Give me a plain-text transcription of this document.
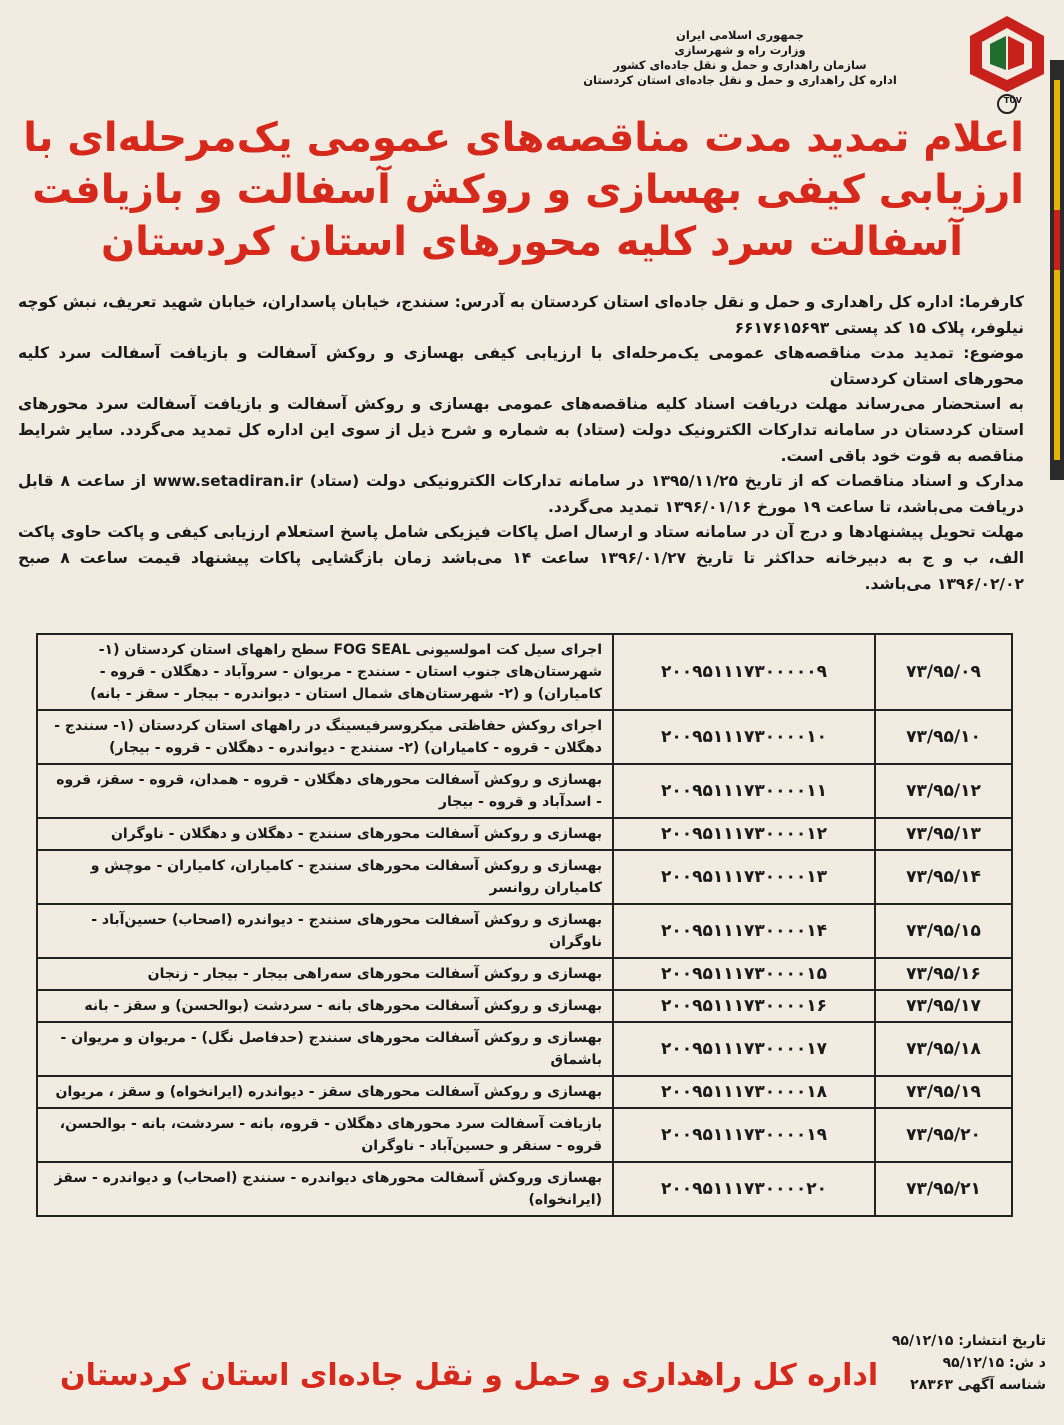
TÜV
جمهوری اسلامی ایران
وزارت راه و شهرسازی
سازمان راهداری و حمل و نقل جاده‌ای کشور
اداره کل راهداری و حمل و نقل جاده‌ای استان کردستان
اعلام تمدید مدت مناقصه‌های عمومی یک‌مرحله‌ای با
ارزیابی کیفی بهسازی و روکش آسفالت و بازیافت
آسفالت سرد کلیه محورهای استان کردستان

کارفرما: اداره کل راهداری و حمل و نقل جاده‌ای استان کردستان به آدرس: سنندج، خیابان پاسداران، خیابان شهید تعریف، نبش کوچه نیلوفر، پلاک ۱۵ کد پستی ۶۶۱۷۶۱۵۶۹۳

موضوع: تمدید مدت مناقصه‌های عمومی یک‌مرحله‌ای با ارزیابی کیفی بهسازی و روکش آسفالت و بازیافت آسفالت سرد کلیه محورهای استان کردستان

به استحضار می‌رساند مهلت دریافت اسناد کلیه مناقصه‌های عمومی بهسازی و روکش آسفالت و بازیافت آسفالت سرد محورهای استان کردستان در سامانه تدارکات الکترونیک دولت (ستاد) به شماره و شرح ذیل از سوی این اداره کل تمدید می‌گردد. سایر شرایط مناقصه به قوت خود باقی است.

مدارک و اسناد مناقصات که از تاریخ ۱۳۹۵/۱۱/۲۵ در سامانه تدارکات الکترونیکی دولت (ستاد) www.setadiran.ir از ساعت ۸ قابل دریافت می‌باشد، تا ساعت ۱۹ مورخ ۱۳۹۶/۰۱/۱۶ تمدید می‌گردد.

مهلت تحویل پیشنهادها و درج آن در سامانه ستاد و ارسال اصل پاکات فیزیکی شامل پاسخ استعلام ارزیابی کیفی و پاکت حاوی پاکت الف، ب و ج به دبیرخانه حداکثر تا تاریخ ۱۳۹۶/۰۱/۲۷ ساعت ۱۴ می‌باشد زمان بازگشایی پاکات پیشنهاد قیمت ساعت ۸ صبح ۱۳۹۶/۰۲/۰۲ می‌باشد.

۷۳/۹۵/۰۹	۲۰۰۹۵۱۱۱۷۳۰۰۰۰۰۹	اجرای سیل کت امولسیونی FOG SEAL سطح راههای استان کردستان (۱- شهرستان‌های جنوب استان - سنندج - مریوان - سروآباد - دهگلان - قروه - کامیاران) و (۲- شهرستان‌های شمال استان - دیواندره - بیجار - سقز - بانه)
۷۳/۹۵/۱۰	۲۰۰۹۵۱۱۱۷۳۰۰۰۰۱۰	اجرای روکش حفاظتی میکروسرفیسینگ در راههای استان کردستان (۱- سنندج - دهگلان - قروه - کامیاران) (۲- سنندج - دیواندره - دهگلان - قروه - بیجار)
۷۳/۹۵/۱۲	۲۰۰۹۵۱۱۱۷۳۰۰۰۰۱۱	بهسازی و روکش آسفالت محورهای دهگلان - قروه - همدان، قروه - سقز، قروه - اسدآباد و قروه - بیجار
۷۳/۹۵/۱۳	۲۰۰۹۵۱۱۱۷۳۰۰۰۰۱۲	بهسازی و روکش آسفالت محورهای سنندج - دهگلان و دهگلان - ناوگران
۷۳/۹۵/۱۴	۲۰۰۹۵۱۱۱۷۳۰۰۰۰۱۳	بهسازی و روکش آسفالت محورهای سنندج - کامیاران، کامیاران - موچش و کامیاران روانسر
۷۳/۹۵/۱۵	۲۰۰۹۵۱۱۱۷۳۰۰۰۰۱۴	بهسازی و روکش آسفالت محورهای سنندج - دیواندره (اصحاب) حسین‌آباد - ناوگران
۷۳/۹۵/۱۶	۲۰۰۹۵۱۱۱۷۳۰۰۰۰۱۵	بهسازی و روکش آسفالت محورهای سه‌راهی بیجار - بیجار - زنجان
۷۳/۹۵/۱۷	۲۰۰۹۵۱۱۱۷۳۰۰۰۰۱۶	بهسازی و روکش آسفالت محورهای بانه - سردشت (بوالحسن) و سقز - بانه
۷۳/۹۵/۱۸	۲۰۰۹۵۱۱۱۷۳۰۰۰۰۱۷	بهسازی و روکش آسفالت محورهای سنندج (حدفاصل نگل) - مریوان و مریوان - باشماق
۷۳/۹۵/۱۹	۲۰۰۹۵۱۱۱۷۳۰۰۰۰۱۸	بهسازی و روکش آسفالت محورهای سقز - دیواندره (ایرانخواه) و سقز ، مریوان
۷۳/۹۵/۲۰	۲۰۰۹۵۱۱۱۷۳۰۰۰۰۱۹	بازیافت آسفالت سرد محورهای دهگلان - قروه، بانه - سردشت، بانه - بوالحسن، قروه - سنقر و حسین‌آباد - ناوگران
۷۳/۹۵/۲۱	۲۰۰۹۵۱۱۱۷۳۰۰۰۰۲۰	بهسازی وروکش آسفالت محورهای دیواندره - سنندج (اصحاب) و دیواندره - سقز (ایرانخواه)
تاریخ انتشار: ۹۵/۱۲/۱۵
د ش: ۹۵/۱۲/۱۵
شناسه آگهی ۲۸۳۶۳
اداره کل راهداری و حمل و نقل جاده‌ای استان کردستان
